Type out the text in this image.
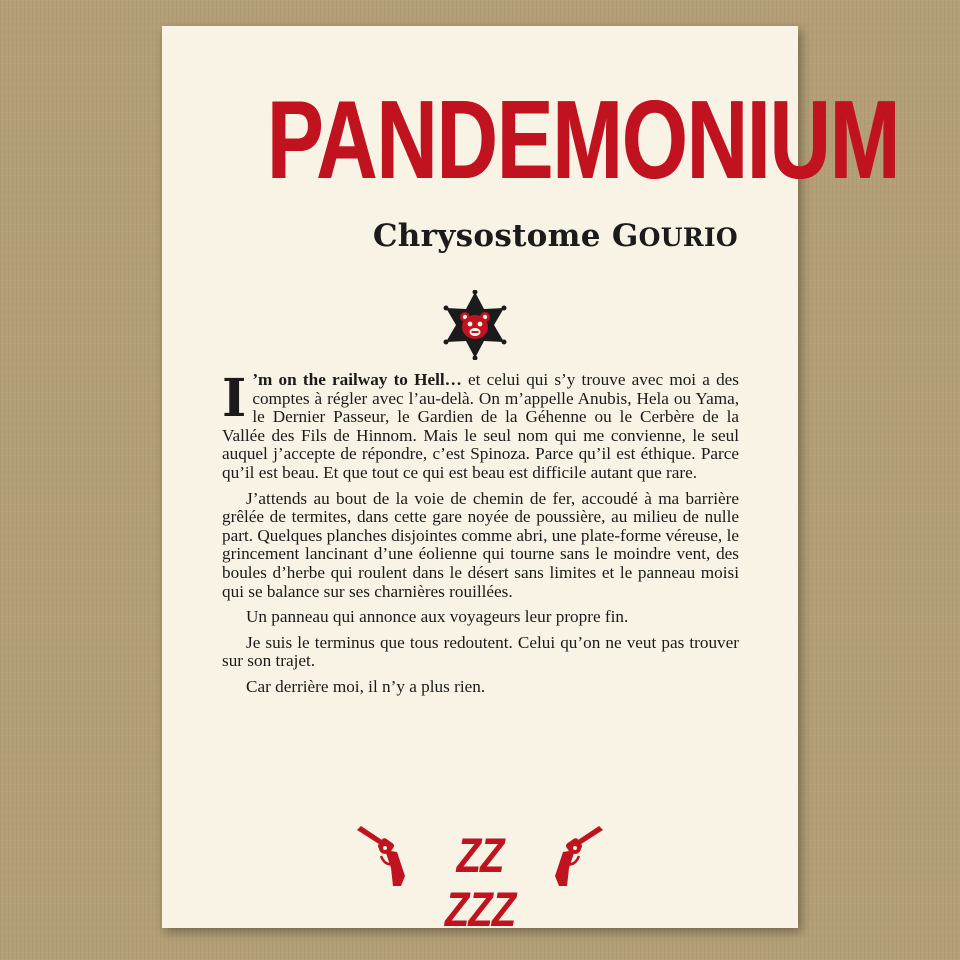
PANDEMONIUM
Chrysostome GOURIO

I ’m on the railway to Hell… et celui qui s’y trouve avec moi a des comptes à régler avec l’au-delà. On m’appelle Anubis, Hela ou Yama, le Dernier Passeur, le Gardien de la Géhenne ou le Cerbère de la Vallée des Fils de Hinnom. Mais le seul nom qui me convienne, le seul auquel j’accepte de répondre, c’est Spinoza. Parce qu’il est éthique. Parce qu’il est beau. Et que tout ce qui est beau est difficile autant que rare.

J’attends au bout de la voie de chemin de fer, accoudé à ma barrière grêlée de termites, dans cette gare noyée de poussière, au milieu de nulle part. Quelques planches disjointes comme abri, une plate-forme véreuse, le grincement lancinant d’une éolienne qui tourne sans le moindre vent, des boules d’herbe qui roulent dans le désert sans limites et le panneau moisi qui se balance sur ses charnières rouillées.

Un panneau qui annonce aux voyageurs leur propre fin.

Je suis le terminus que tous redoutent. Celui qu’on ne veut pas trouver sur son trajet.

Car derrière moi, il n’y a plus rien.

ZZ ZZZ
